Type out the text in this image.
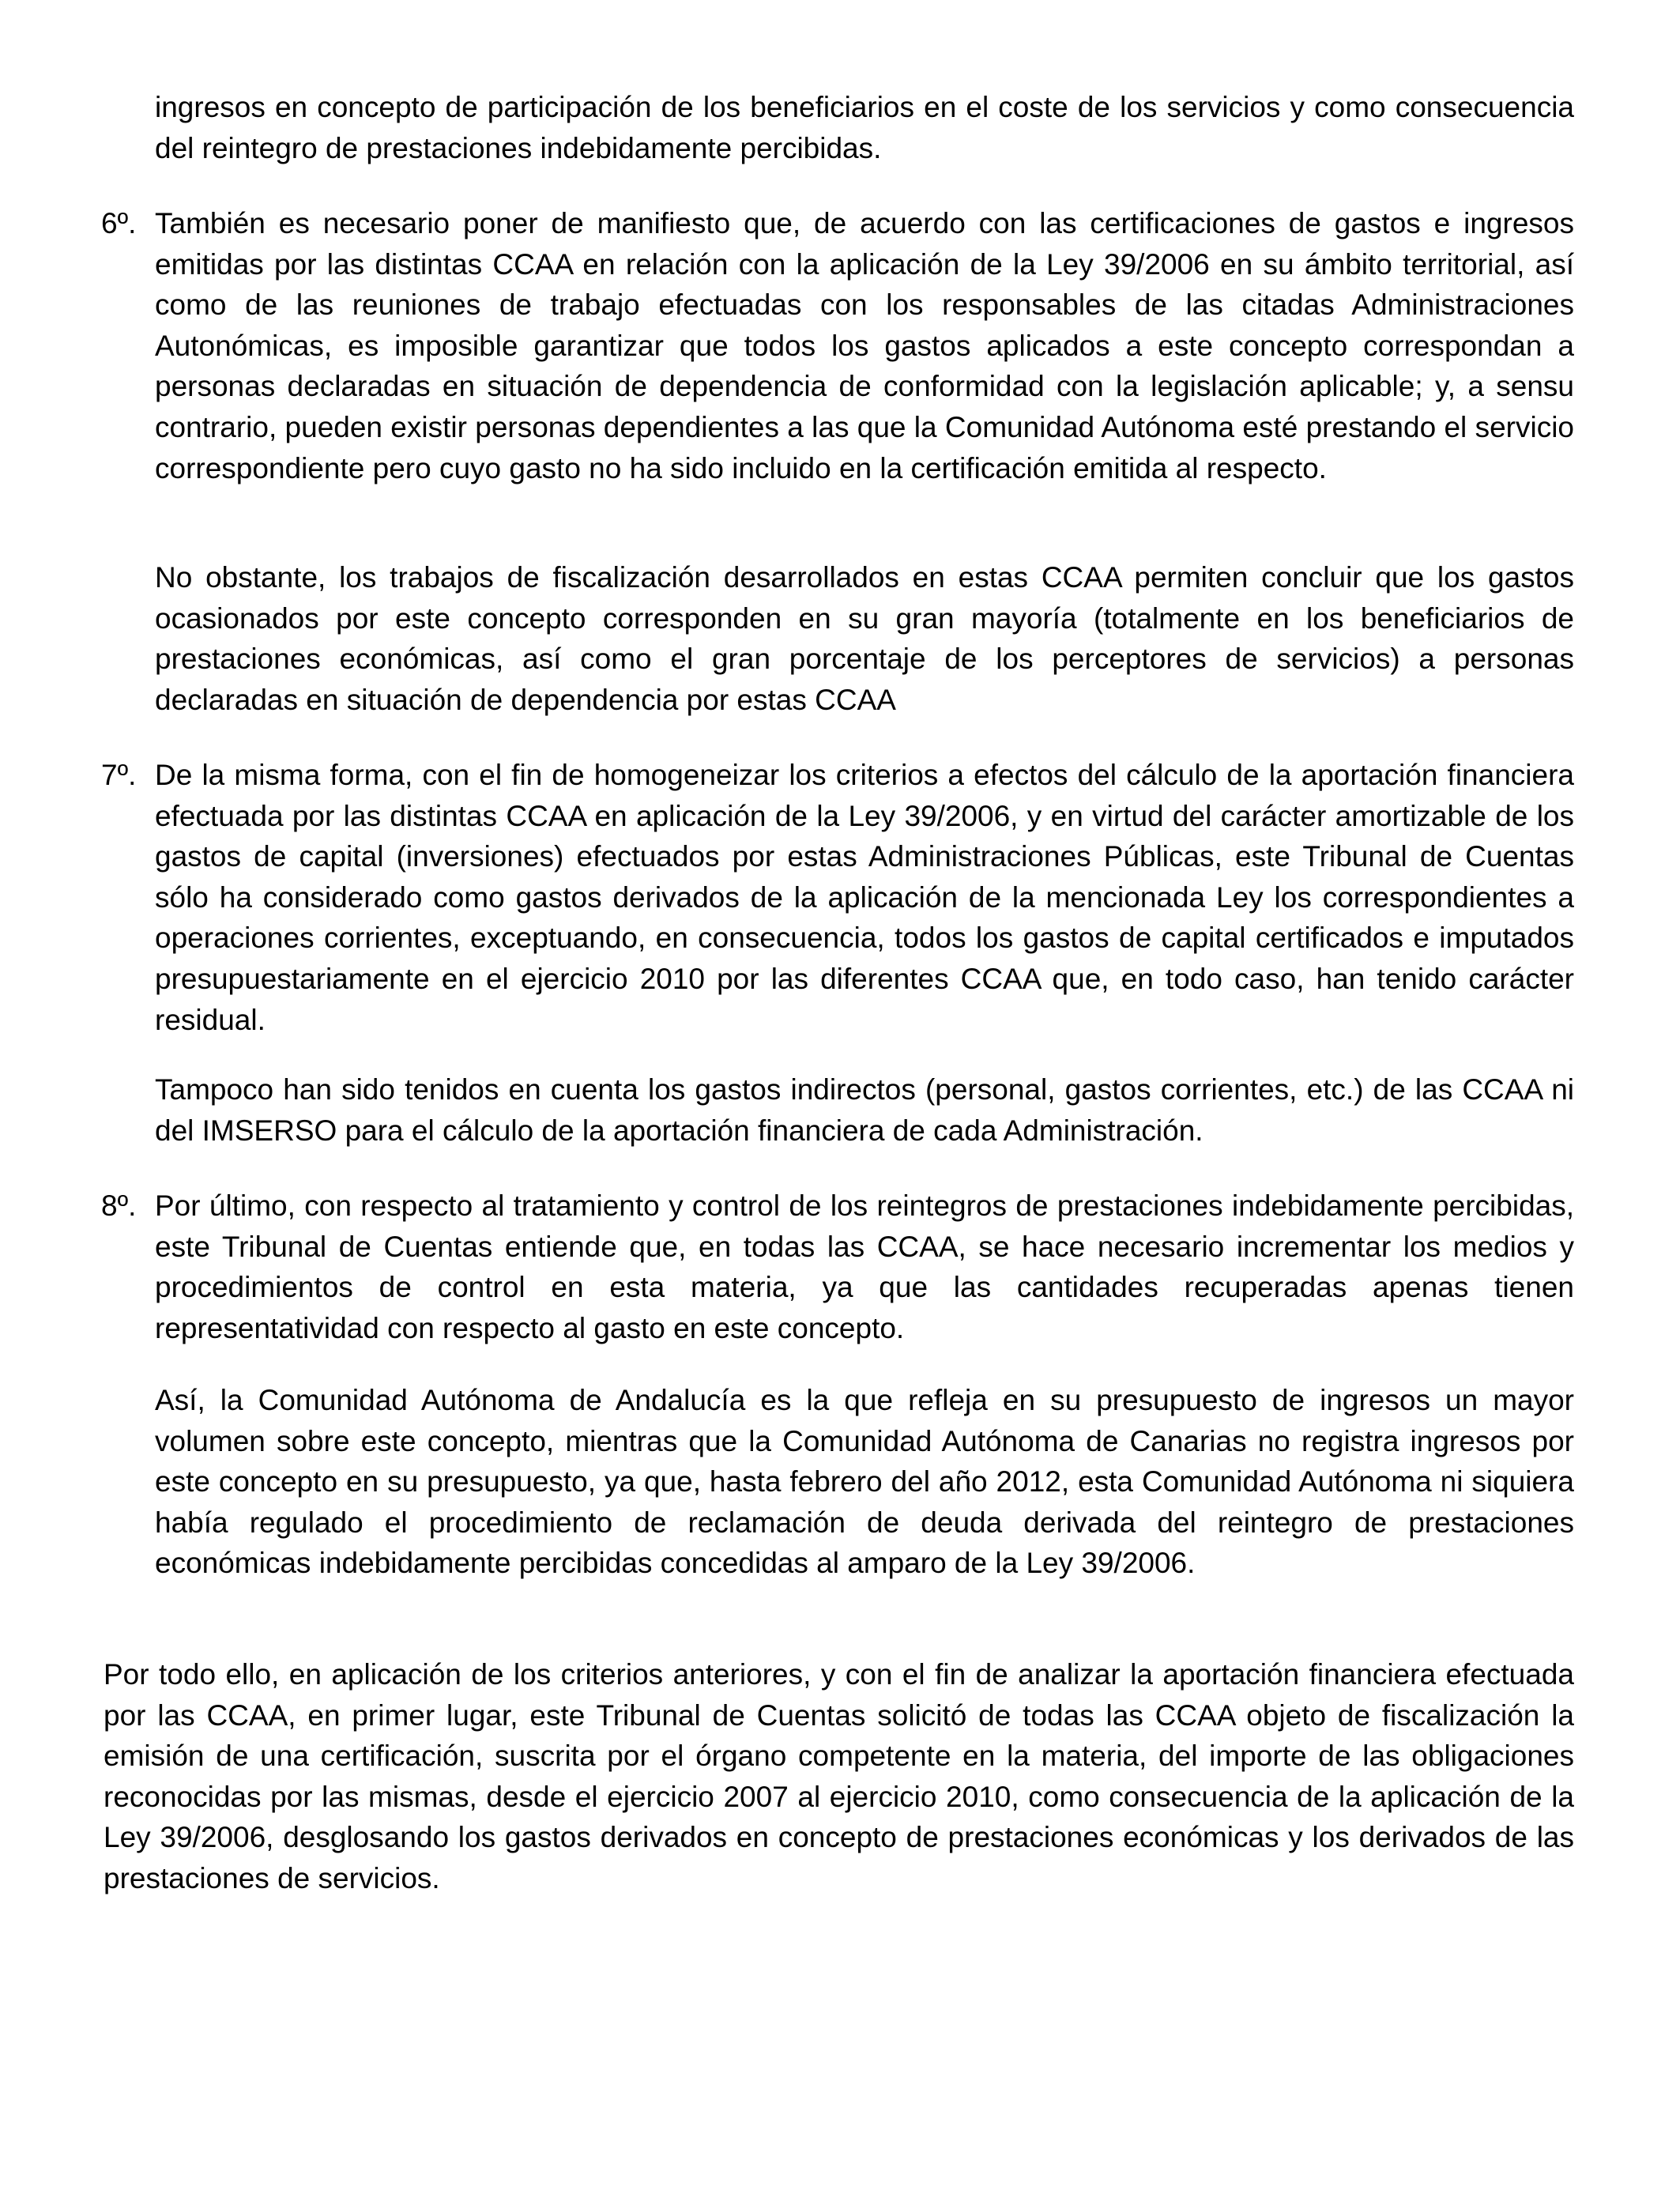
ingresos en concepto de participación de los beneficiarios en el coste de los servicios y como consecuencia del reintegro de prestaciones indebidamente percibidas.

6º. También es necesario poner de manifiesto que, de acuerdo con las certificaciones de gastos e ingresos emitidas por las distintas CCAA en relación con la aplicación de la Ley 39/2006 en su ámbito territorial, así como de las reuniones de trabajo efectuadas con los responsables de las citadas Administraciones Autonómicas, es imposible garantizar que todos los gastos aplicados a este concepto correspondan a personas declaradas en situación de dependencia de conformidad con la legislación aplicable; y, a sensu contrario, pueden existir personas dependientes a las que la Comunidad Autónoma esté prestando el servicio correspondiente pero cuyo gasto no ha sido incluido en la certificación emitida al respecto.

No obstante, los trabajos de fiscalización desarrollados en estas CCAA permiten concluir que los gastos ocasionados por este concepto corresponden en su gran mayoría (totalmente en los beneficiarios de prestaciones económicas, así como el gran porcentaje de los perceptores de servicios) a personas declaradas en situación de dependencia por estas CCAA

7º. De la misma forma, con el fin de homogeneizar los criterios a efectos del cálculo de la aportación financiera efectuada por las distintas CCAA en aplicación de la Ley 39/2006, y en virtud del carácter amortizable de los gastos de capital (inversiones) efectuados por estas Administraciones Públicas, este Tribunal de Cuentas sólo ha considerado como gastos derivados de la aplicación de la mencionada Ley los correspondientes a operaciones corrientes, exceptuando, en consecuencia, todos los gastos de capital certificados e imputados presupuestariamente en el ejercicio 2010 por las diferentes CCAA que, en todo caso, han tenido carácter residual.

Tampoco han sido tenidos en cuenta los gastos indirectos (personal, gastos corrientes, etc.) de las CCAA ni del IMSERSO para el cálculo de la aportación financiera de cada Administración.

8º. Por último, con respecto al tratamiento y control de los reintegros de prestaciones indebidamente percibidas, este Tribunal de Cuentas entiende que, en todas las CCAA, se hace necesario incrementar los medios y procedimientos de control en esta materia, ya que las cantidades recuperadas apenas tienen representatividad con respecto al gasto en este concepto.

Así, la Comunidad Autónoma de Andalucía es la que refleja en su presupuesto de ingresos un mayor volumen sobre este concepto, mientras que la Comunidad Autónoma de Canarias no registra ingresos por este concepto en su presupuesto, ya que, hasta febrero del año 2012, esta Comunidad Autónoma ni siquiera había regulado el procedimiento de reclamación de deuda derivada del reintegro de prestaciones económicas indebidamente percibidas concedidas al amparo de la Ley 39/2006.

Por todo ello, en aplicación de los criterios anteriores, y con el fin de analizar la aportación financiera efectuada por las CCAA, en primer lugar, este Tribunal de Cuentas solicitó de todas las CCAA objeto de fiscalización la emisión de una certificación, suscrita por el órgano competente en la materia, del importe de las obligaciones reconocidas por las mismas, desde el ejercicio 2007 al ejercicio 2010, como consecuencia de la aplicación de la Ley 39/2006, desglosando los gastos derivados en concepto de prestaciones económicas y los derivados de las prestaciones de servicios.
